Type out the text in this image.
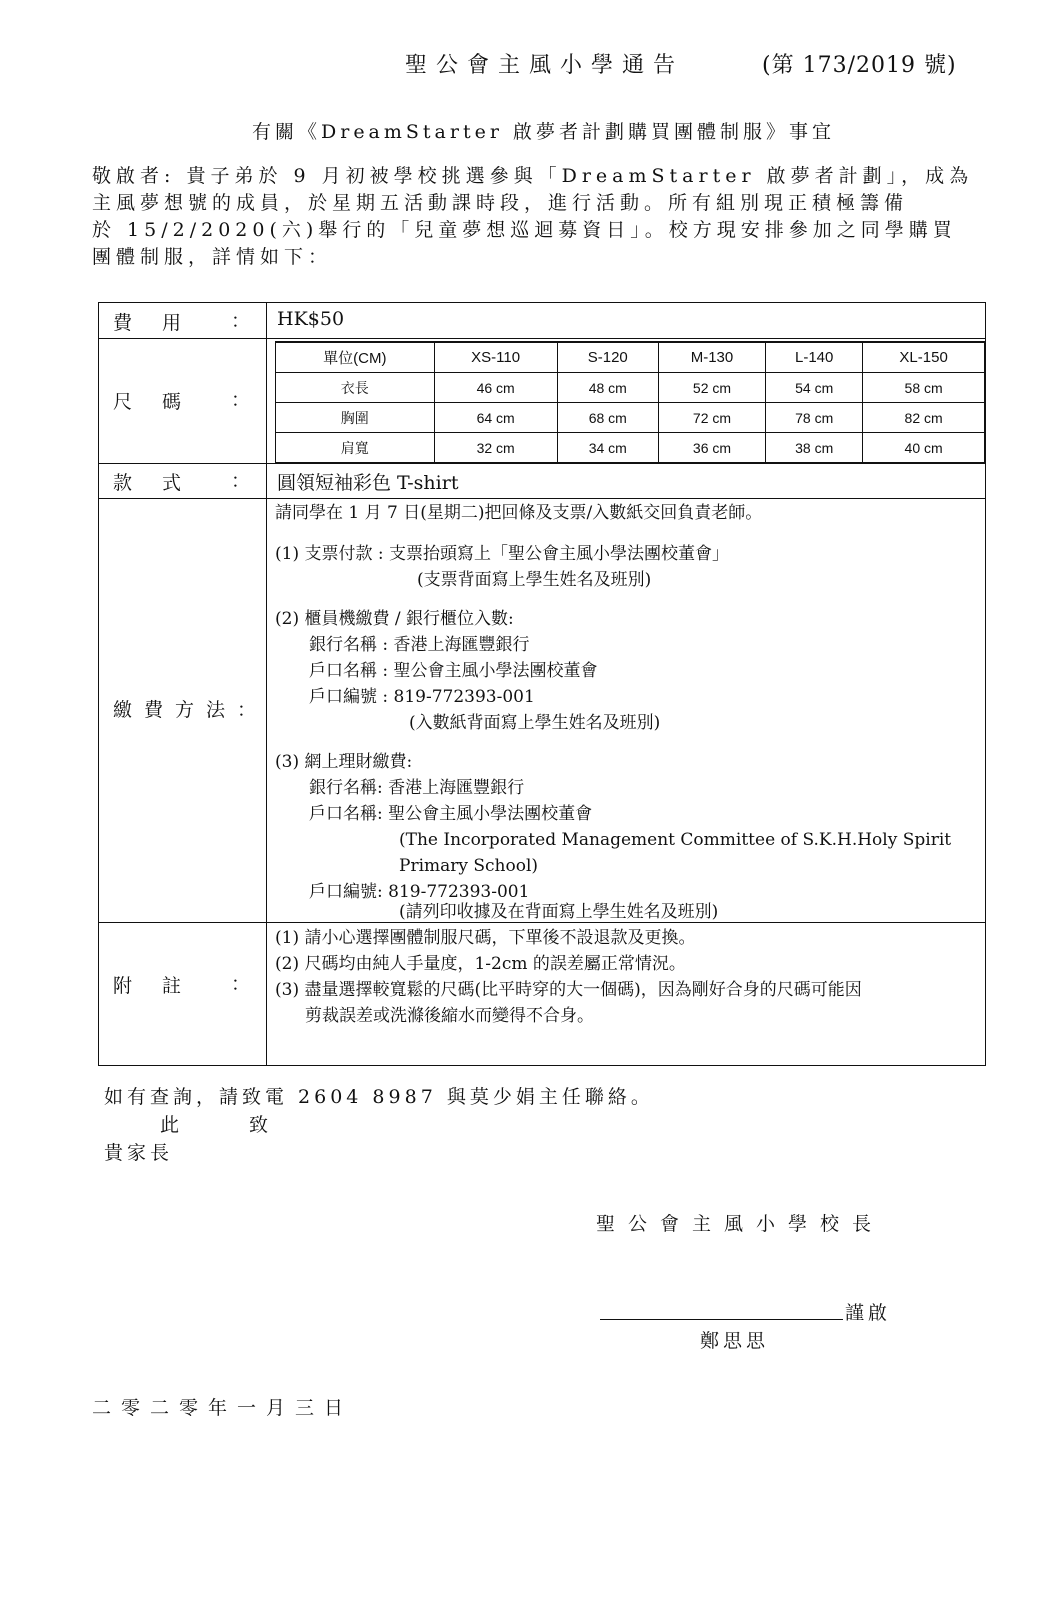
聖公會主風小學通告	(第 173/2019 號)
有關《DreamStarter 啟夢者計劃購買團體制服》事宜

敬啟者: 貴子弟於 9 月初被學校挑選參與「DreamStarter 啟夢者計劃」，成為

主風夢想號的成員，於星期五活動課時段，進行活動。所有組別現正積極籌備

於 15/2/2020(六)舉行的「兒童夢想巡迴募資日」。校方現安排參加之同學購買

團體制服，詳情如下：

費用 ： HK$50
尺碼 ：
單位(CM)	XS-110	S-120	M-130	L-140	XL-150
衣長	46 cm	48 cm	52 cm	54 cm	58 cm
胸圍	64 cm	68 cm	72 cm	78 cm	82 cm
肩寬	32 cm	34 cm	36 cm	38 cm	40 cm
款式 ： 圓領短袖彩色 T-shirt
繳費方法：
請同學在 1 月 7 日(星期二)把回條及支票/入數紙交回負責老師。
(1) 支票付款 : 支票抬頭寫上「聖公會主風小學法團校董會」
(支票背面寫上學生姓名及班別)
(2) 櫃員機繳費 / 銀行櫃位入數:
銀行名稱 : 香港上海匯豐銀行
戶口名稱 : 聖公會主風小學法團校董會
戶口編號 : 819-772393-001
(入數紙背面寫上學生姓名及班別)
(3) 網上理財繳費:
銀行名稱: 香港上海匯豐銀行
戶口名稱: 聖公會主風小學法團校董會
(The Incorporated Management Committee of S.K.H.Holy Spirit
Primary School)
戶口編號: 819-772393-001
(請列印收據及在背面寫上學生姓名及班別)
附註 ：
(1) 請小心選擇團體制服尺碼，下單後不設退款及更換。
(2) 尺碼均由純人手量度，1-2cm 的誤差屬正常情況。
(3) 盡量選擇較寬鬆的尺碼(比平時穿的大一個碼)，因為剛好合身的尺碼可能因
剪裁誤差或洗滌後縮水而變得不合身。
如有查詢，請致電 2604 8987 與莫少娟主任聯絡。
此 致
貴家長
聖公會主風小學校長
謹啟
鄭思思
二零二零年一月三日
